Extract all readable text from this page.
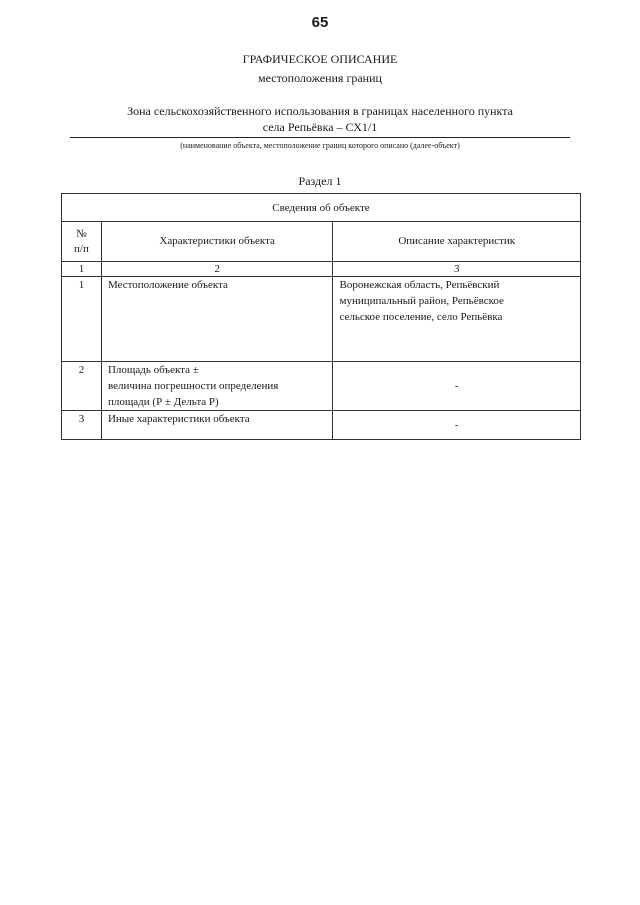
65
ГРАФИЧЕСКОЕ ОПИСАНИЕ
местоположения границ
Зона сельскохозяйственного использования в границах населенного пункта
села Репьёвка – СХ1/1
(наименование объекта, местоположение границ которого описано (далее-объект)
Раздел 1
Сведения об объекте		

№
п/п	Характеристики объекта	Описание характеристик
1	2	3
1	Местоположение объекта	Воронежская область, Репьёвский
муниципальный район, Репьёвское
сельское поселение, село Репьёвка

2	Площадь объекта ±
величина погрешности определения
площади (Р ± Дельта Р)	-
3	Иные характеристики объекта	-
